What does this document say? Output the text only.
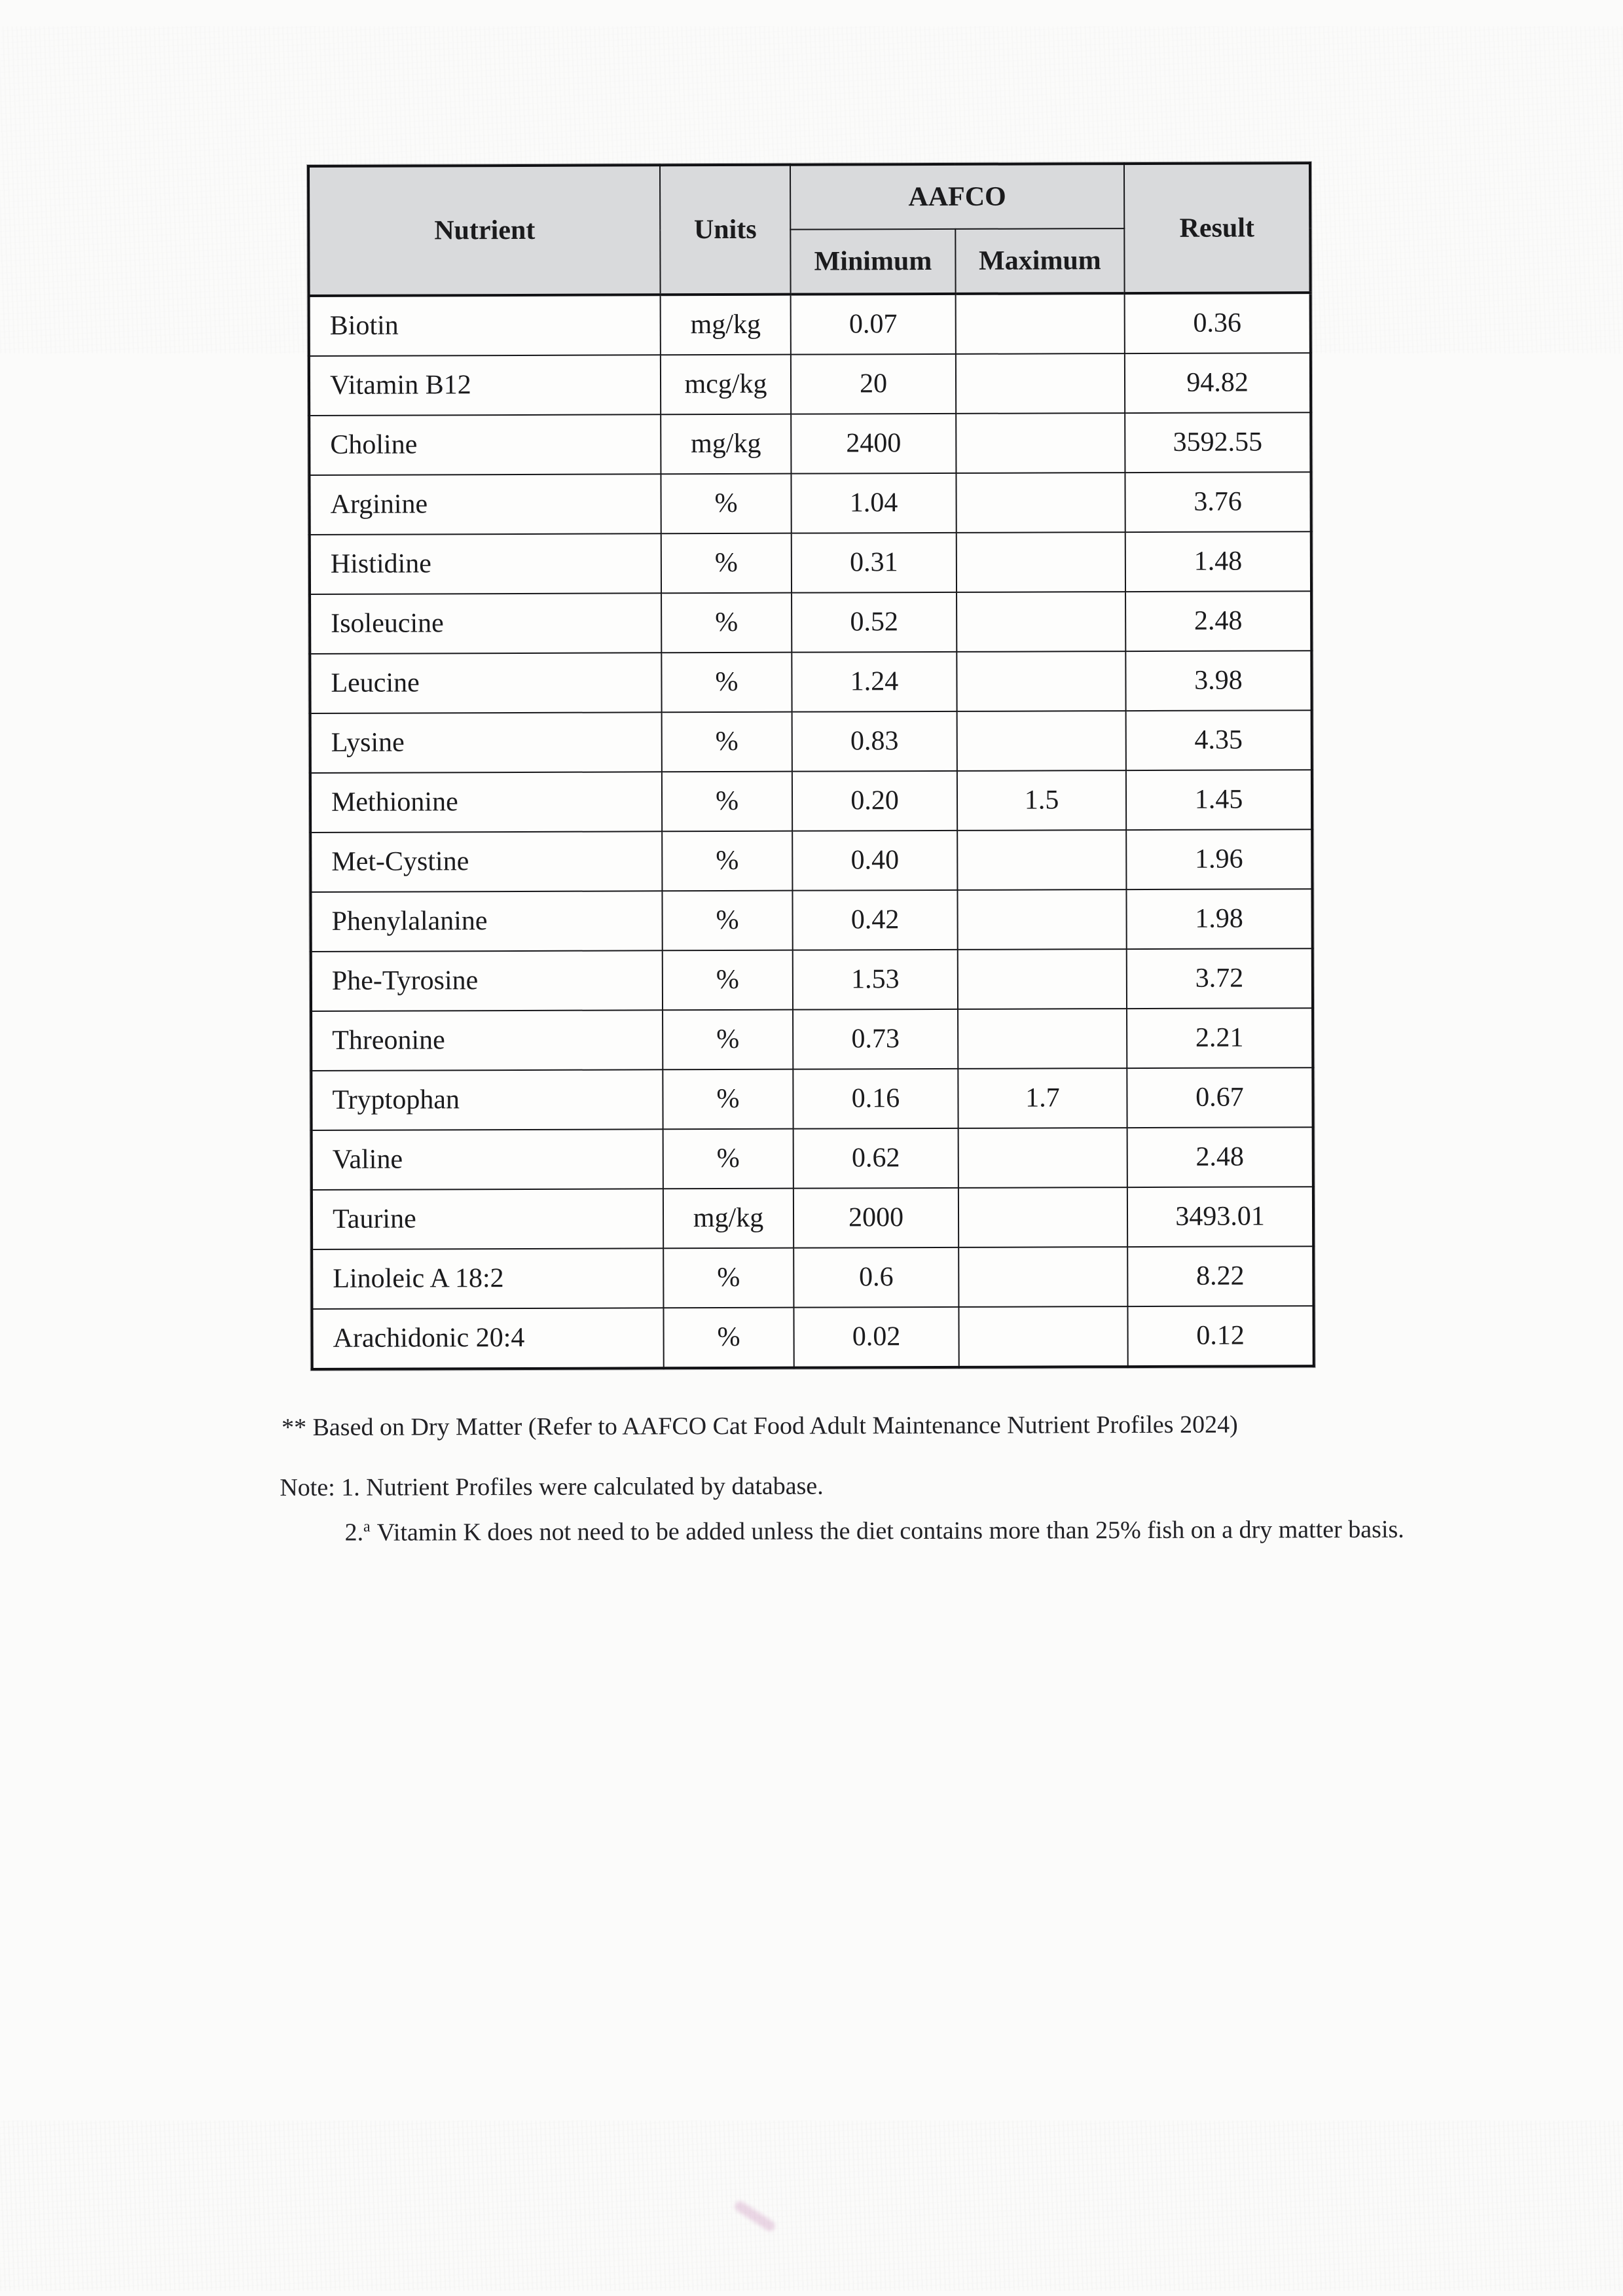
Nutrient	Units	AAFCO		Result
		Minimum	Maximum	
Biotin	mg/kg	0.07		0.36
Vitamin B12	mcg/kg	20		94.82
Choline	mg/kg	2400		3592.55
Arginine	%	1.04		3.76
Histidine	%	0.31		1.48
Isoleucine	%	0.52		2.48
Leucine	%	1.24		3.98
Lysine	%	0.83		4.35
Methionine	%	0.20	1.5	1.45
Met-Cystine	%	0.40		1.96
Phenylalanine	%	0.42		1.98
Phe-Tyrosine	%	1.53		3.72
Threonine	%	0.73		2.21
Tryptophan	%	0.16	1.7	0.67
Valine	%	0.62		2.48
Taurine	mg/kg	2000		3493.01
Linoleic A 18:2	%	0.6		8.22
Arachidonic 20:4	%	0.02		0.12
** Based on Dry Matter (Refer to AAFCO Cat Food Adult Maintenance Nutrient Profiles 2024)
Note: 1. Nutrient Profiles were calculated by database.
2.$^a$ Vitamin K does not need to be added unless the diet contains more than 25% fish on a dry matter basis.
